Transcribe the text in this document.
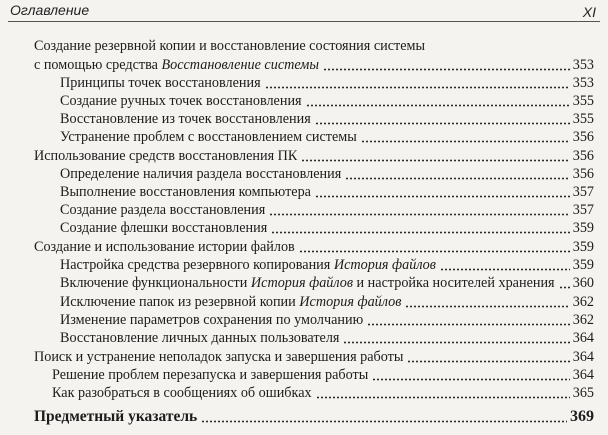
Оглавление	XI
Создание резервной копии и восстановление состояния системы
с помощью средства Восстановление системы	353
Принципы точек восстановления	353
Создание ручных точек восстановления	355
Восстановление из точек восстановления	355
Устранение проблем с восстановлением системы	356
Использование средств восстановления ПК	356
Определение наличия раздела восстановления	356
Выполнение восстановления компьютера	357
Создание раздела восстановления	357
Создание флешки восстановления	359
Создание и использование истории файлов	359
Настройка средства резервного копирования История файлов	359
Включение функциональности История файлов и настройка носителей хранения 360
Исключение папок из резервной копии История файлов	362
Изменение параметров сохранения по умолчанию	362
Восстановление личных данных пользователя	364
Поиск и устранение неполадок запуска и завершения работы	364
Решение проблем перезапуска и завершения работы	364
Как разобраться в сообщениях об ошибках	365
Предметный указатель	369
